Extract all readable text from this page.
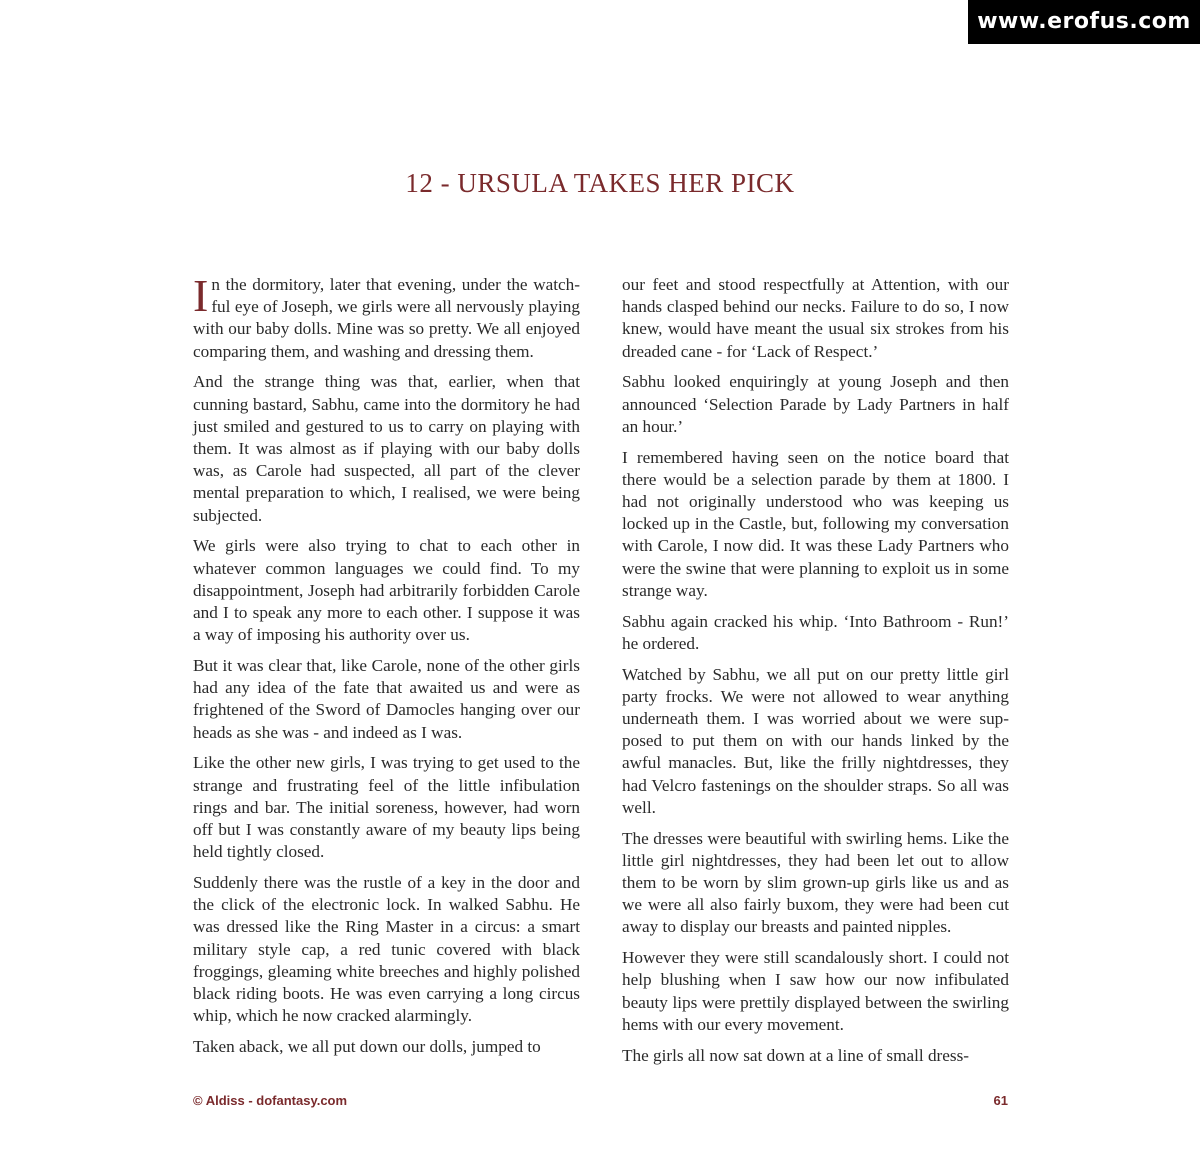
www.erofus.com
12 - URSULA TAKES HER PICK

In the dormitory, later that evening, under the watchful eye of Joseph, we girls were all nervously playing with our baby dolls. Mine was so pretty. We all enjoyed comparing them, and washing and dressing them.

And the strange thing was that, earlier, when that cunning bastard, Sabhu, came into the dormitory he had just smiled and gestured to us to carry on playing with them. It was almost as if playing with our baby dolls was, as Carole had suspected, all part of the clever mental preparation to which, I realised, we were being subjected.

We girls were also trying to chat to each other in whatever common languages we could find. To my disappointment, Joseph had arbitrarily forbidden Carole and I to speak any more to each other. I suppose it was a way of imposing his authority over us.

But it was clear that, like Carole, none of the other girls had any idea of the fate that awaited us and were as frightened of the Sword of Damocles hanging over our heads as she was - and indeed as I was.

Like the other new girls, I was trying to get used to the strange and frustrating feel of the little infibulation rings and bar. The initial soreness, however, had worn off but I was constantly aware of my beauty lips being held tightly closed.

Suddenly there was the rustle of a key in the door and the click of the electronic lock. In walked Sabhu. He was dressed like the Ring Master in a circus: a smart military style cap, a red tunic covered with black froggings, gleaming white breeches and highly polished black riding boots. He was even carrying a long circus whip, which he now cracked alarmingly.

Taken aback, we all put down our dolls, jumped to

our feet and stood respectfully at Attention, with our hands clasped behind our necks. Failure to do so, I now knew, would have meant the usual six strokes from his dreaded cane - for ‘Lack of Respect.’

Sabhu looked enquiringly at young Joseph and then announced ‘Selection Parade by Lady Partners in half an hour.’

I remembered having seen on the notice board that there would be a selection parade by them at 1800. I had not originally understood who was keeping us locked up in the Castle, but, following my conversation with Carole, I now did. It was these Lady Partners who were the swine that were planning to exploit us in some strange way.

Sabhu again cracked his whip. ‘Into Bathroom - Run!’ he ordered.

Watched by Sabhu, we all put on our pretty little girl party frocks. We were not allowed to wear anything underneath them. I was worried about we were supposed to put them on with our hands linked by the awful manacles. But, like the frilly nightdresses, they had Velcro fastenings on the shoulder straps. So all was well.

The dresses were beautiful with swirling hems. Like the little girl nightdresses, they had been let out to allow them to be worn by slim grown-up girls like us and as we were all also fairly buxom, they were had been cut away to display our breasts and painted nipples.

However they were still scandalously short. I could not help blushing when I saw how our now infibulated beauty lips were prettily displayed between the swirling hems with our every movement.

The girls all now sat down at a line of small dress-

© Aldiss - dofantasy.com	61
